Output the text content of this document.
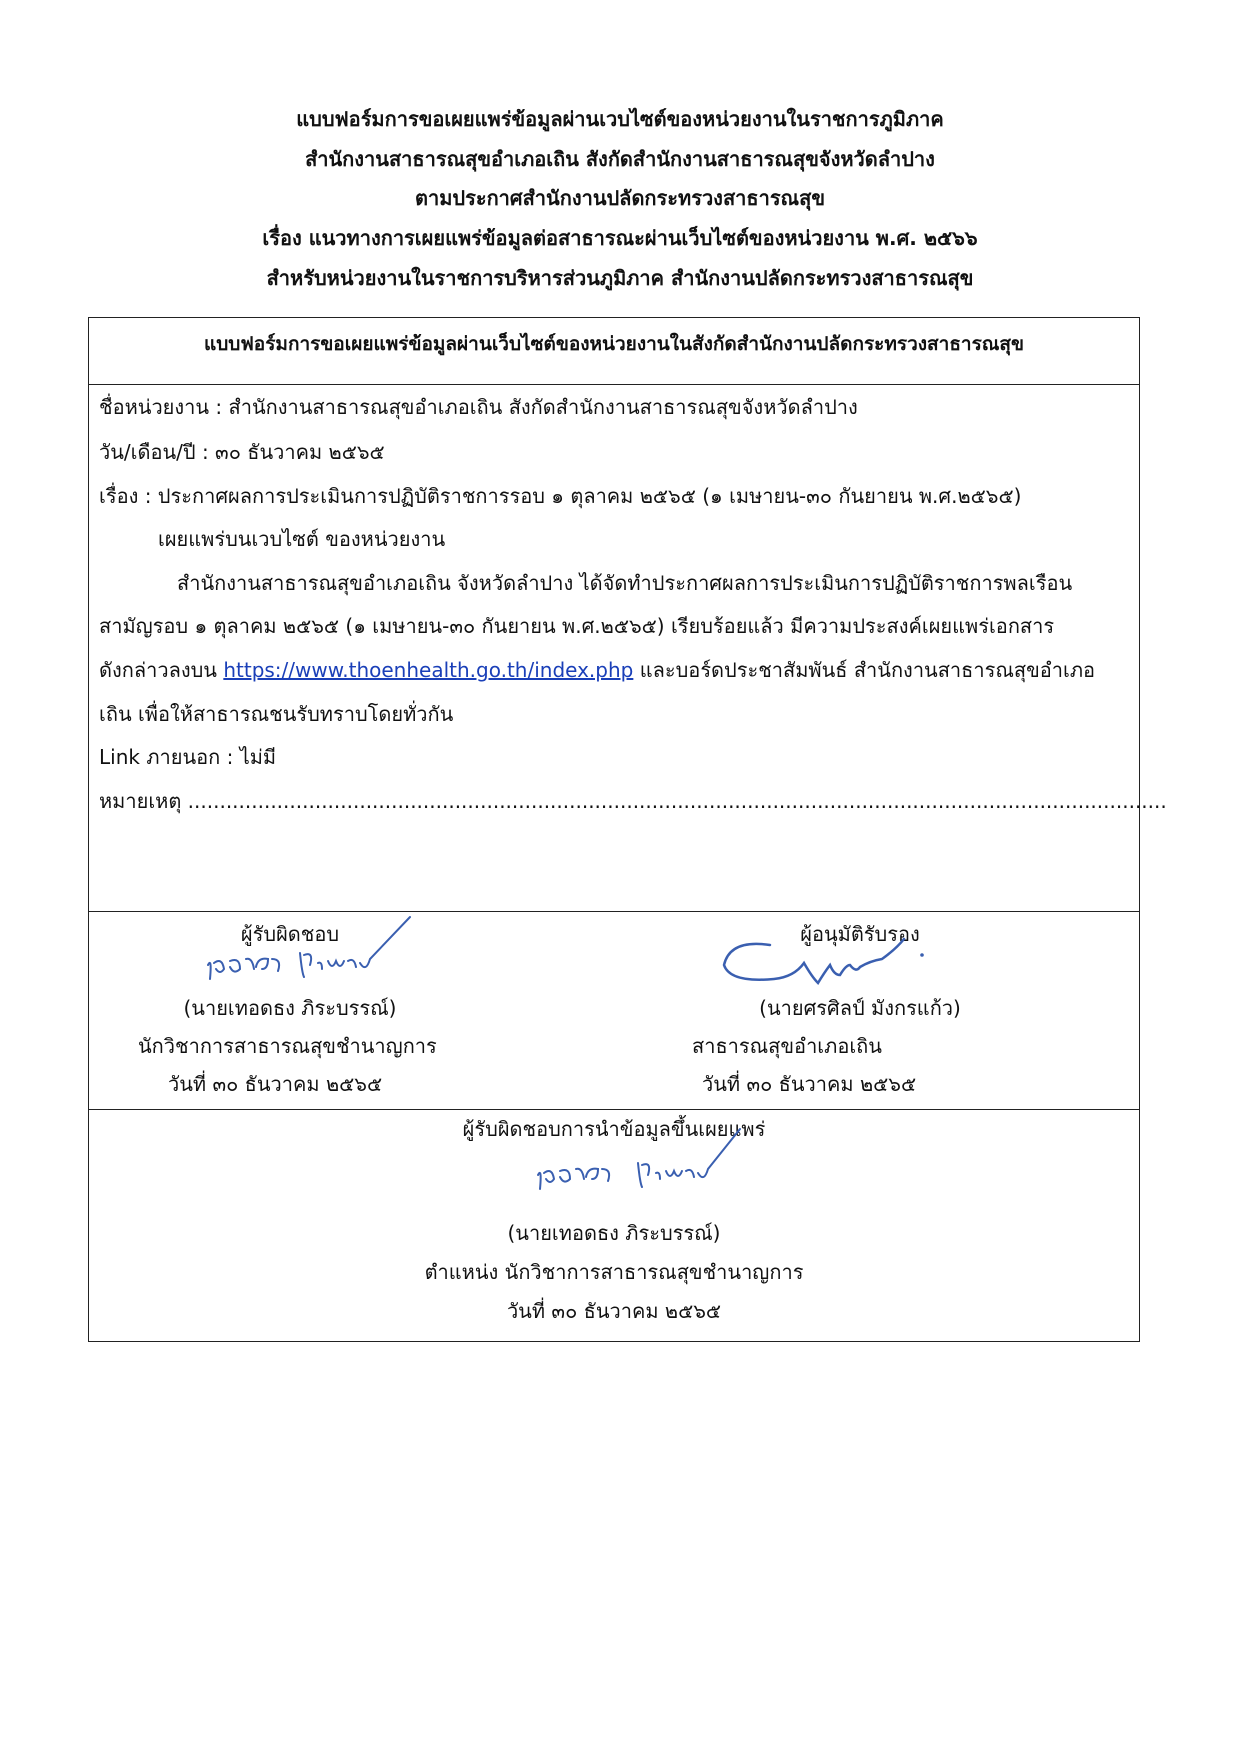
แบบฟอร์มการขอเผยแพร่ข้อมูลผ่านเวบไซต์ของหน่วยงานในราชการภูมิภาค
สำนักงานสาธารณสุขอำเภอเถิน สังกัดสำนักงานสาธารณสุขจังหวัดลำปาง
ตามประกาศสำนักงานปลัดกระทรวงสาธารณสุข
เรื่อง แนวทางการเผยแพร่ข้อมูลต่อสาธารณะผ่านเว็บไซต์ของหน่วยงาน พ.ศ. ๒๕๖๖
สำหรับหน่วยงานในราชการบริหารส่วนภูมิภาค สำนักงานปลัดกระทรวงสาธารณสุข
แบบฟอร์มการขอเผยแพร่ข้อมูลผ่านเว็บไซต์ของหน่วยงานในสังกัดสำนักงานปลัดกระทรวงสาธารณสุข
ชื่อหน่วยงาน : สำนักงานสาธารณสุขอำเภอเถิน สังกัดสำนักงานสาธารณสุขจังหวัดลำปาง
วัน/เดือน/ปี : ๓๐ ธันวาคม ๒๕๖๕
เรื่อง : ประกาศผลการประเมินการปฏิบัติราชการรอบ ๑ ตุลาคม ๒๕๖๕ (๑ เมษายน-๓๐ กันยายน พ.ศ.๒๕๖๕)
เผยแพร่บนเวบไซต์ ของหน่วยงาน
สำนักงานสาธารณสุขอำเภอเถิน จังหวัดลำปาง ได้จัดทำประกาศผลการประเมินการปฏิบัติราชการพลเรือน
สามัญรอบ ๑ ตุลาคม ๒๕๖๕ (๑ เมษายน-๓๐ กันยายน พ.ศ.๒๕๖๕) เรียบร้อยแล้ว มีความประสงค์เผยแพร่เอกสาร
ดังกล่าวลงบน https://www.thoenhealth.go.th/index.php และบอร์ดประชาสัมพันธ์ สำนักงานสาธารณสุขอำเภอ
เถิน เพื่อให้สาธารณชนรับทราบโดยทั่วกัน
Link ภายนอก : ไม่มี
หมายเหตุ ..........................................................................................................................................................
ผู้รับผิดชอบ
(นายเทอดธง ภิระบรรณ์)
นักวิชาการสาธารณสุขชำนาญการ
วันที่ ๓๐ ธันวาคม ๒๕๖๕
ผู้อนุมัติรับรอง
(นายศรศิลป์ มังกรแก้ว)
สาธารณสุขอำเภอเถิน
วันที่ ๓๐ ธันวาคม ๒๕๖๕
ผู้รับผิดชอบการนำข้อมูลขึ้นเผยแพร่
(นายเทอดธง ภิระบรรณ์)
ตำแหน่ง นักวิชาการสาธารณสุขชำนาญการ
วันที่ ๓๐ ธันวาคม ๒๕๖๕
